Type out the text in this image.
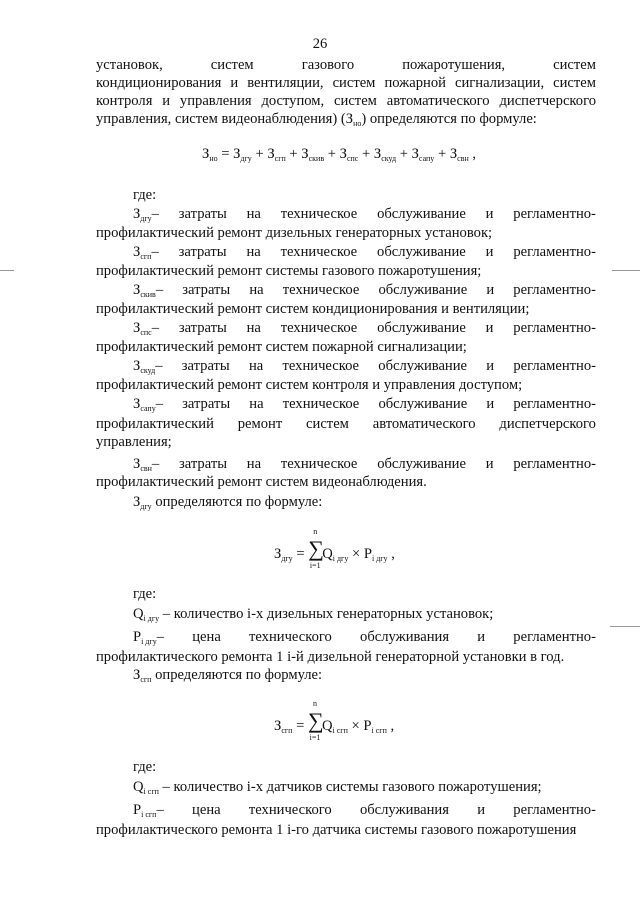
26
установок,	систем	газового	пожаротушения,	систем
кондиционирования и вентиляции, систем пожарной сигнализации, систем
контроля и управления доступом, систем автоматического диспетчерского
управления, систем видеонаблюдения) $(З_{но})$ определяются по формуле:
$З_{но} = З_{дгу} + З_{сгп} + З_{скив} + З_{спс} + З_{скуд} + З_{сапу} + З_{свн}$ ,
где:
$З_{дгу}-$ затраты на техническое обслуживание и регламентно-
профилактический ремонт дизельных генераторных установок;
$З_{сгп}-$ затраты на техническое обслуживание и регламентно-
профилактический ремонт системы газового пожаротушения;
$З_{скив}-$ затраты на техническое обслуживание и регламентно-
профилактический ремонт систем кондиционирования и вентиляции;
$З_{спс}-$ затраты на техническое обслуживание и регламентно-
профилактический ремонт систем пожарной сигнализации;
$З_{скуд}-$ затраты на техническое обслуживание и регламентно-
профилактический ремонт систем контроля и управления доступом;
$З_{сапу}-$ затраты на техническое обслуживание и регламентно-
профилактический ремонт систем автоматического диспетчерского
управления;
$З_{свн}-$ затраты на техническое обслуживание и регламентно-
профилактический ремонт систем видеонаблюдения.
$З_{дгу}$ определяются по формуле:
$З_{дгу}$ =
n
∑
i=1
$Q_{i дгу} \times P_{i дгу}$ ,
где:
$Q_{i дгу}$ – количество i-х дизельных генераторных установок;
$P_{i дгу}-$ цена технического обслуживания и регламентно-
профилактического ремонта 1 i-й дизельной генераторной установки в год.
$З_{сгп}$ определяются по формуле:
$З_{сгп}$ =
n
∑
i=1
$Q_{i сгп} \times P_{i сгп}$ ,
где:
$Q_{i сгп}$ – количество i-х датчиков системы газового пожаротушения;
$P_{i сгп}-$ цена технического обслуживания и регламентно-
профилактического ремонта 1 i-го датчика системы газового пожаротушения
